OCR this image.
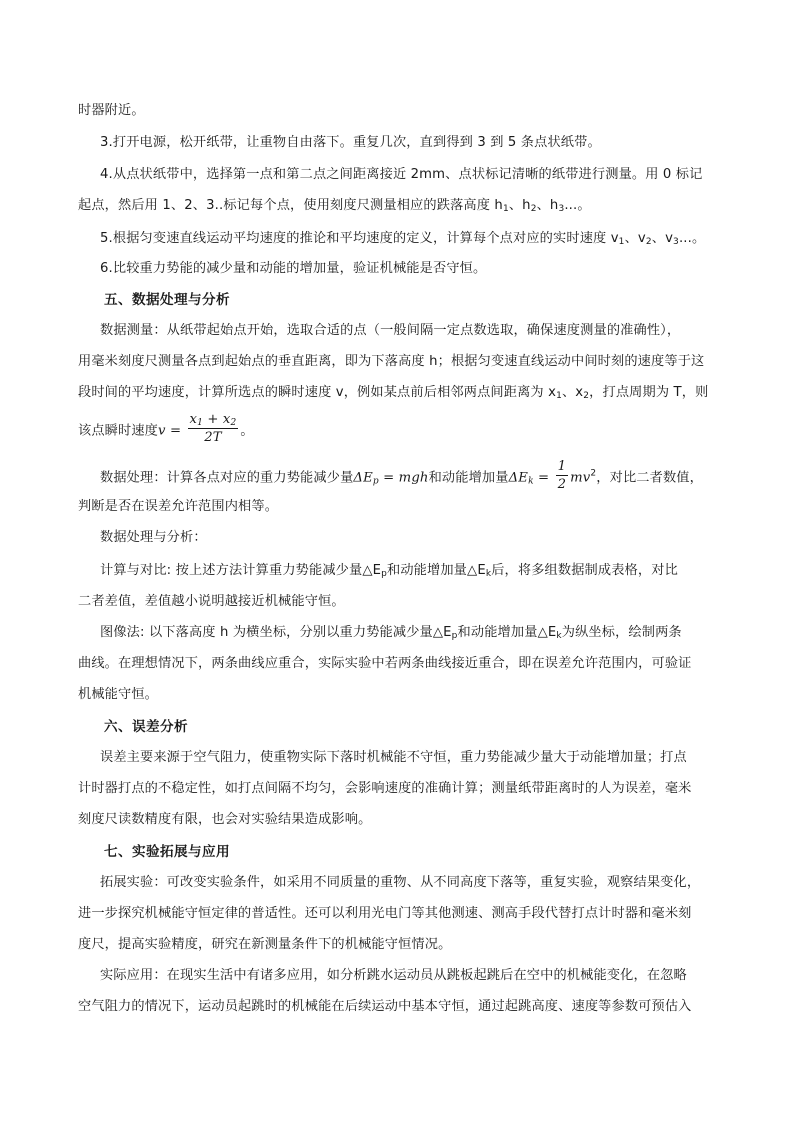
时器附近。
3.打开电源，松开纸带，让重物自由落下。重复几次，直到得到 3 到 5 条点状纸带。
4.从点状纸带中，选择第一点和第二点之间距离接近 2mm、点状标记清晰的纸带进行测量。用 0 标记
起点，然后用 1、2、3..标记每个点，使用刻度尺测量相应的跌落高度 $h_1$、$h_2$、$h_3$...。
5.根据匀变速直线运动平均速度的推论和平均速度的定义，计算每个点对应的实时速度 $v_1$、$v_2$、$v_3$...。
6.比较重力势能的减少量和动能的增加量，验证机械能是否守恒。
五、数据处理与分析
数据测量：从纸带起始点开始，选取合适的点（一般间隔一定点数选取，确保速度测量的准确性），
用毫米刻度尺测量各点到起始点的垂直距离，即为下落高度 h；根据匀变速直线运动中间时刻的速度等于这
段时间的平均速度，计算所选点的瞬时速度 v，例如某点前后相邻两点间距离为 $x_1$、$x_2$，打点周期为 T，则
该点瞬时速度$v = \frac{x_1 + x_2}{2T}$ 。
数据处理：计算各点对应的重力势能减少量$\Delta E_p$ = mgh和动能增加量$\Delta E_k = \frac{1}{2} mv^2$，对比二者数值，
判断是否在误差允许范围内相等。
数据处理与分析：
计算与对比: 按上述方法计算重力势能减少量$\triangle E_p$和动能增加量$\triangle E_k$后，将多组数据制成表格，对比
二者差值，差值越小说明越接近机械能守恒。
图像法: 以下落高度 h 为横坐标，分别以重力势能减少量$\triangle E_p$和动能增加量$\triangle E_k$为纵坐标，绘制两条
曲线。在理想情况下，两条曲线应重合，实际实验中若两条曲线接近重合，即在误差允许范围内，可验证
机械能守恒。
六、误差分析
误差主要来源于空气阻力，使重物实际下落时机械能不守恒，重力势能减少量大于动能增加量；打点
计时器打点的不稳定性，如打点间隔不均匀，会影响速度的准确计算；测量纸带距离时的人为误差，毫米
刻度尺读数精度有限，也会对实验结果造成影响。
七、实验拓展与应用
拓展实验：可改变实验条件，如采用不同质量的重物、从不同高度下落等，重复实验，观察结果变化，
进一步探究机械能守恒定律的普适性。还可以利用光电门等其他测速、测高手段代替打点计时器和毫米刻
度尺，提高实验精度，研究在新测量条件下的机械能守恒情况。
实际应用：在现实生活中有诸多应用，如分析跳水运动员从跳板起跳后在空中的机械能变化，在忽略
空气阻力的情况下，运动员起跳时的机械能在后续运动中基本守恒，通过起跳高度、速度等参数可预估入
